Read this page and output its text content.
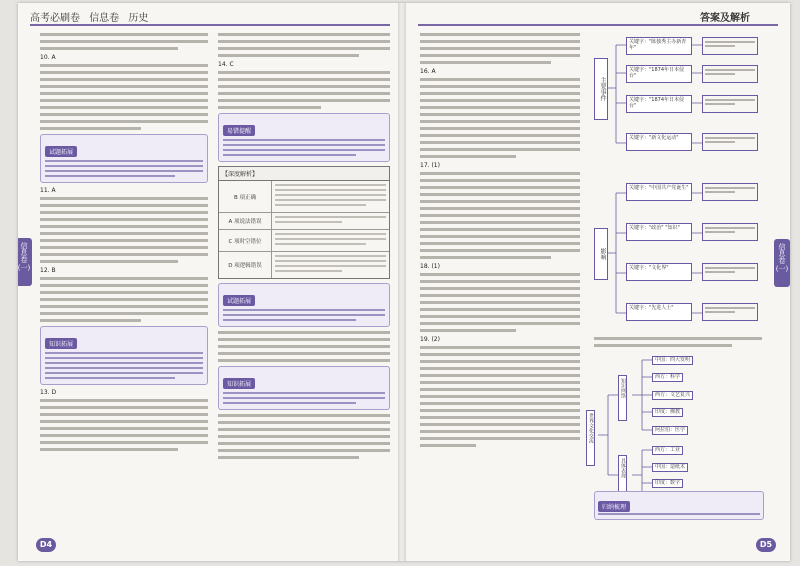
高考必刷卷 信息卷 历史
信息卷
(一)
10. A
试题拓展
11. A
12. B
知识拓展
13. D
14. C
易错提醒
【深度解析】
B 项正确
A 项说法错误
C 项时空错位
D 项逻辑错误
试题拓展
知识拓展
D4
答案及解析
信息卷
(一)
16. A
17. (1)
18. (1)
19. (2)
主要事件
影响
关键字："陈独秀主办新青年"
关键字："1874年日本侵台"
关键字："1874年日本侵台"
关键字："新文化运动"
关键字："中国共产党诞生"
关键字："政治" "知识"
关键字："文化界"
关键字："先进人士"
世界文化交流
知识网络
具体表现
中国：四大发明
西方：科学
西方：文艺复兴
印度：佛教
阿拉伯：医学
西方：工业
中国：造纸术
印度：数字
归纳梳理
D5
